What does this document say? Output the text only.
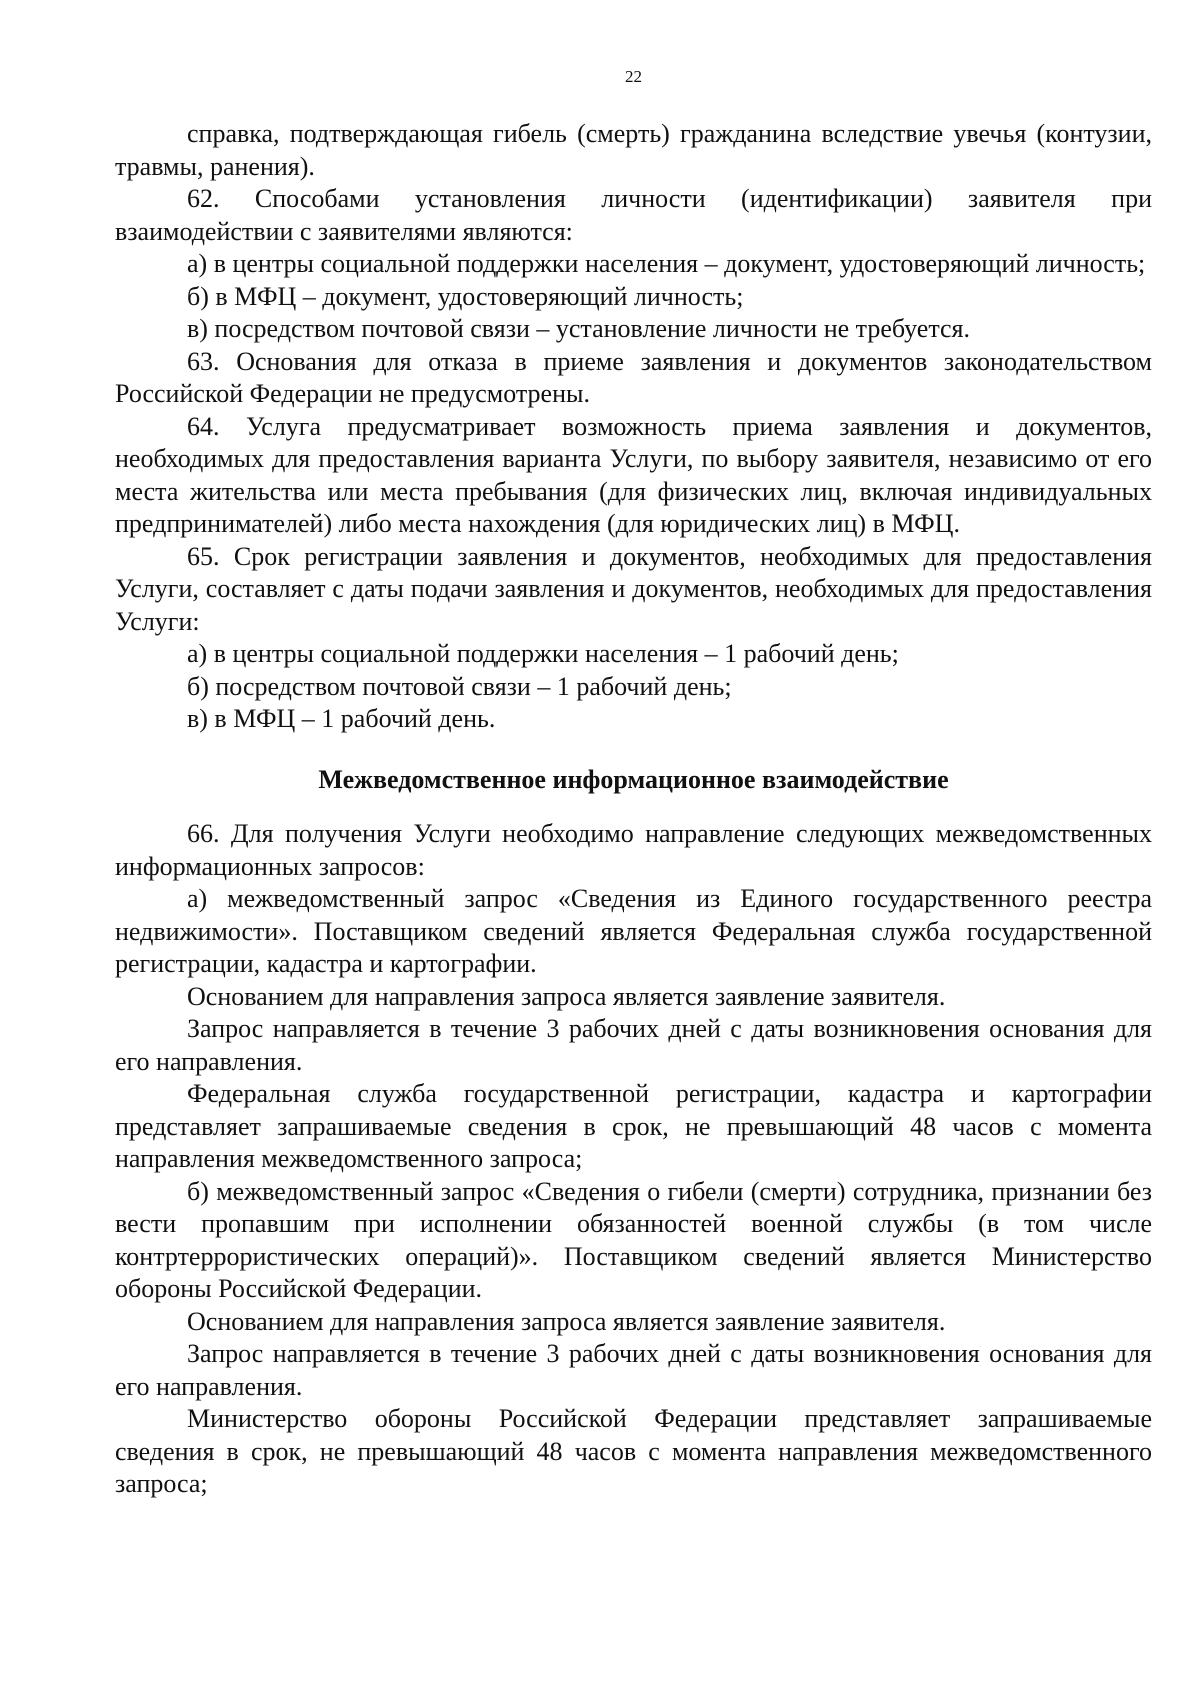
22

справка, подтверждающая гибель (смерть) гражданина вследствие увечья (контузии, травмы, ранения).

62. Способами установления личности (идентификации) заявителя при взаимодействии с заявителями являются:

а) в центры социальной поддержки населения – документ, удостоверяющий личность;

б) в МФЦ – документ, удостоверяющий личность;

в) посредством почтовой связи – установление личности не требуется.

63. Основания для отказа в приеме заявления и документов законодательством Российской Федерации не предусмотрены.

64. Услуга предусматривает возможность приема заявления и документов, необходимых для предоставления варианта Услуги, по выбору заявителя, независимо от его места жительства или места пребывания (для физических лиц, включая индивидуальных предпринимателей) либо места нахождения (для юридических лиц) в МФЦ.

65. Срок регистрации заявления и документов, необходимых для предоставления Услуги, составляет с даты подачи заявления и документов, необходимых для предоставления Услуги:

а) в центры социальной поддержки населения – 1 рабочий день;

б) посредством почтовой связи – 1 рабочий день;

в) в МФЦ – 1 рабочий день.

Межведомственное информационное взаимодействие

66. Для получения Услуги необходимо направление следующих межведомственных информационных запросов:

а) межведомственный запрос «Сведения из Единого государственного реестра недвижимости». Поставщиком сведений является Федеральная служба государственной регистрации, кадастра и картографии.

Основанием для направления запроса является заявление заявителя.

Запрос направляется в течение 3 рабочих дней с даты возникновения основания для его направления.

Федеральная служба государственной регистрации, кадастра и картографии представляет запрашиваемые сведения в срок, не превышающий 48 часов с момента направления межведомственного запроса;

б) межведомственный запрос «Сведения о гибели (смерти) сотрудника, признании без вести пропавшим при исполнении обязанностей военной службы (в том числе контртеррористических операций)». Поставщиком сведений является Министерство обороны Российской Федерации.

Основанием для направления запроса является заявление заявителя.

Запрос направляется в течение 3 рабочих дней с даты возникновения основания для его направления.

Министерство обороны Российской Федерации представляет запрашиваемые сведения в срок, не превышающий 48 часов с момента направления межведомственного запроса;
